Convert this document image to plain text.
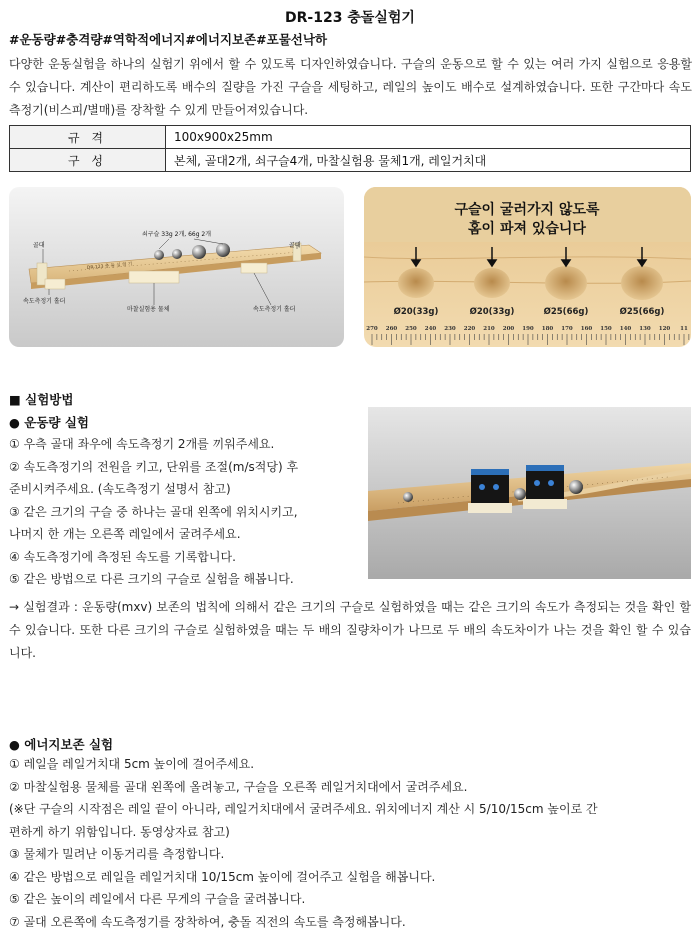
DR-123 충돌실험기
#운동량#충격량#역학적에너지#에너지보존#포물선낙하
다양한 운동실험을 하나의 실험기 위에서 할 수 있도록 디자인하였습니다. 구슬의 운동으로 할 수 있는 여러 가지 실험으로 응용할 수 있습니다. 계산이 편리하도록 배수의 질량을 가진 구슬을 세팅하고, 레일의 높이도 배수로 설계하였습니다. 또한 구간마다 속도측정기(비스피/별매)를 장착할 수 있게 만들어져있습니다.
규 격	100x900x25mm
구 성	본체, 골대2개, 쇠구슬4개, 마찰실험용 물체1개, 레일거치대
쇠구슬 33g 2개, 66g 2개
골대	골대
속도측정기 홀더
마찰실험용 물체	속도측정기 홀더
DR-123 충 돌 실 험 기
구슬이 굴러가지 않도록
홈이 파져 있습니다
Ø20(33g)	Ø20(33g)	Ø25(66g)	Ø25(66g)
270 260 250 240 230 220 210 200 190 180 170 160 150 140 130 120 11
■ 실험방법
● 운동량 실험
① 우측 골대 좌우에 속도측정기 2개를 끼워주세요.
② 속도측정기의 전원을 키고, 단위를 조절(m/s적당) 후
준비시켜주세요. (속도측정기 설명서 참고)
③ 같은 크기의 구슬 중 하나는 골대 왼쪽에 위치시키고,
나머지 한 개는 오른쪽 레일에서 굴려주세요.
④ 속도측정기에 측정된 속도를 기록합니다.
⑤ 같은 방법으로 다른 크기의 구슬로 실험을 해봅니다.
→ 실험결과 : 운동량(mxv) 보존의 법칙에 의해서 같은 크기의 구슬로 실험하였을 때는 같은 크기의 속도가 측정되는 것을 확인 할 수 있습니다. 또한 다른 크기의 구슬로 실험하였을 때는 두 배의 질량차이가 나므로 두 배의 속도차이가 나는 것을 확인 할 수 있습니다.
● 에너지보존 실험
① 레일을 레일거치대 5cm 높이에 걸어주세요.
② 마찰실험용 물체를 골대 왼쪽에 올려놓고, 구슬을 오른쪽 레일거치대에서 굴려주세요.
(※단 구슬의 시작점은 레일 끝이 아니라, 레일거치대에서 굴려주세요. 위치에너지 계산 시 5/10/15cm 높이로 간
편하게 하기 위함입니다. 동영상자료 참고)
③ 물체가 밀려난 이동거리를 측정합니다.
④ 같은 방법으로 레일을 레일거치대 10/15cm 높이에 걸어주고 실험을 해봅니다.
⑤ 같은 높이의 레일에서 다른 무게의 구슬을 굴려봅니다.
⑦ 골대 오른쪽에 속도측정기를 장착하여, 충돌 직전의 속도를 측정해봅니다.
